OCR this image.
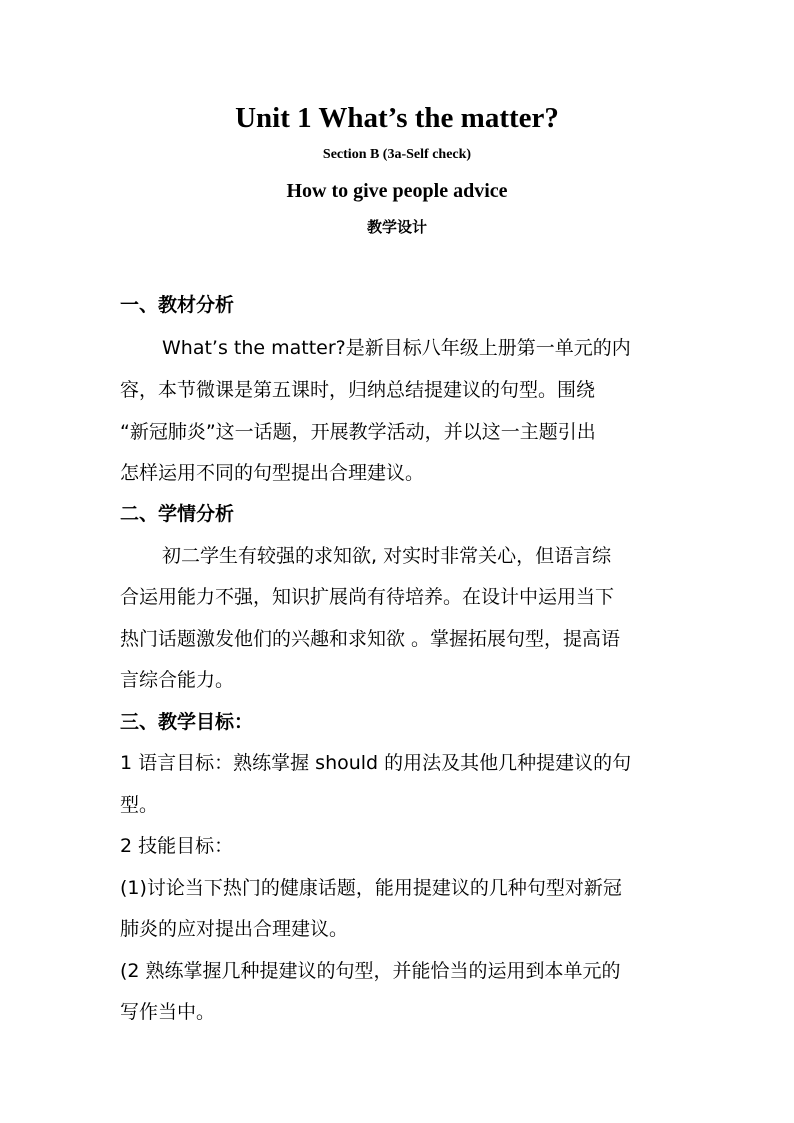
Unit 1 What’s the matter?
Section B (3a-Self check)
How to give people advice
教学设计
一、教材分析
What’s the matter?是新目标八年级上册第一单元的内
容，本节微课是第五课时，归纳总结提建议的句型。围绕
“新冠肺炎”这一话题，开展教学活动，并以这一主题引出
怎样运用不同的句型提出合理建议。
二、学情分析
初二学生有较强的求知欲, 对实时非常关心，但语言综
合运用能力不强，知识扩展尚有待培养。在设计中运用当下
热门话题激发他们的兴趣和求知欲 。掌握拓展句型，提高语
言综合能力。
三、教学目标：
1 语言目标：熟练掌握 should 的用法及其他几种提建议的句
型。
2 技能目标：
(1)讨论当下热门的健康话题，能用提建议的几种句型对新冠
肺炎的应对提出合理建议。
(2 熟练掌握几种提建议的句型，并能恰当的运用到本单元的
写作当中。
